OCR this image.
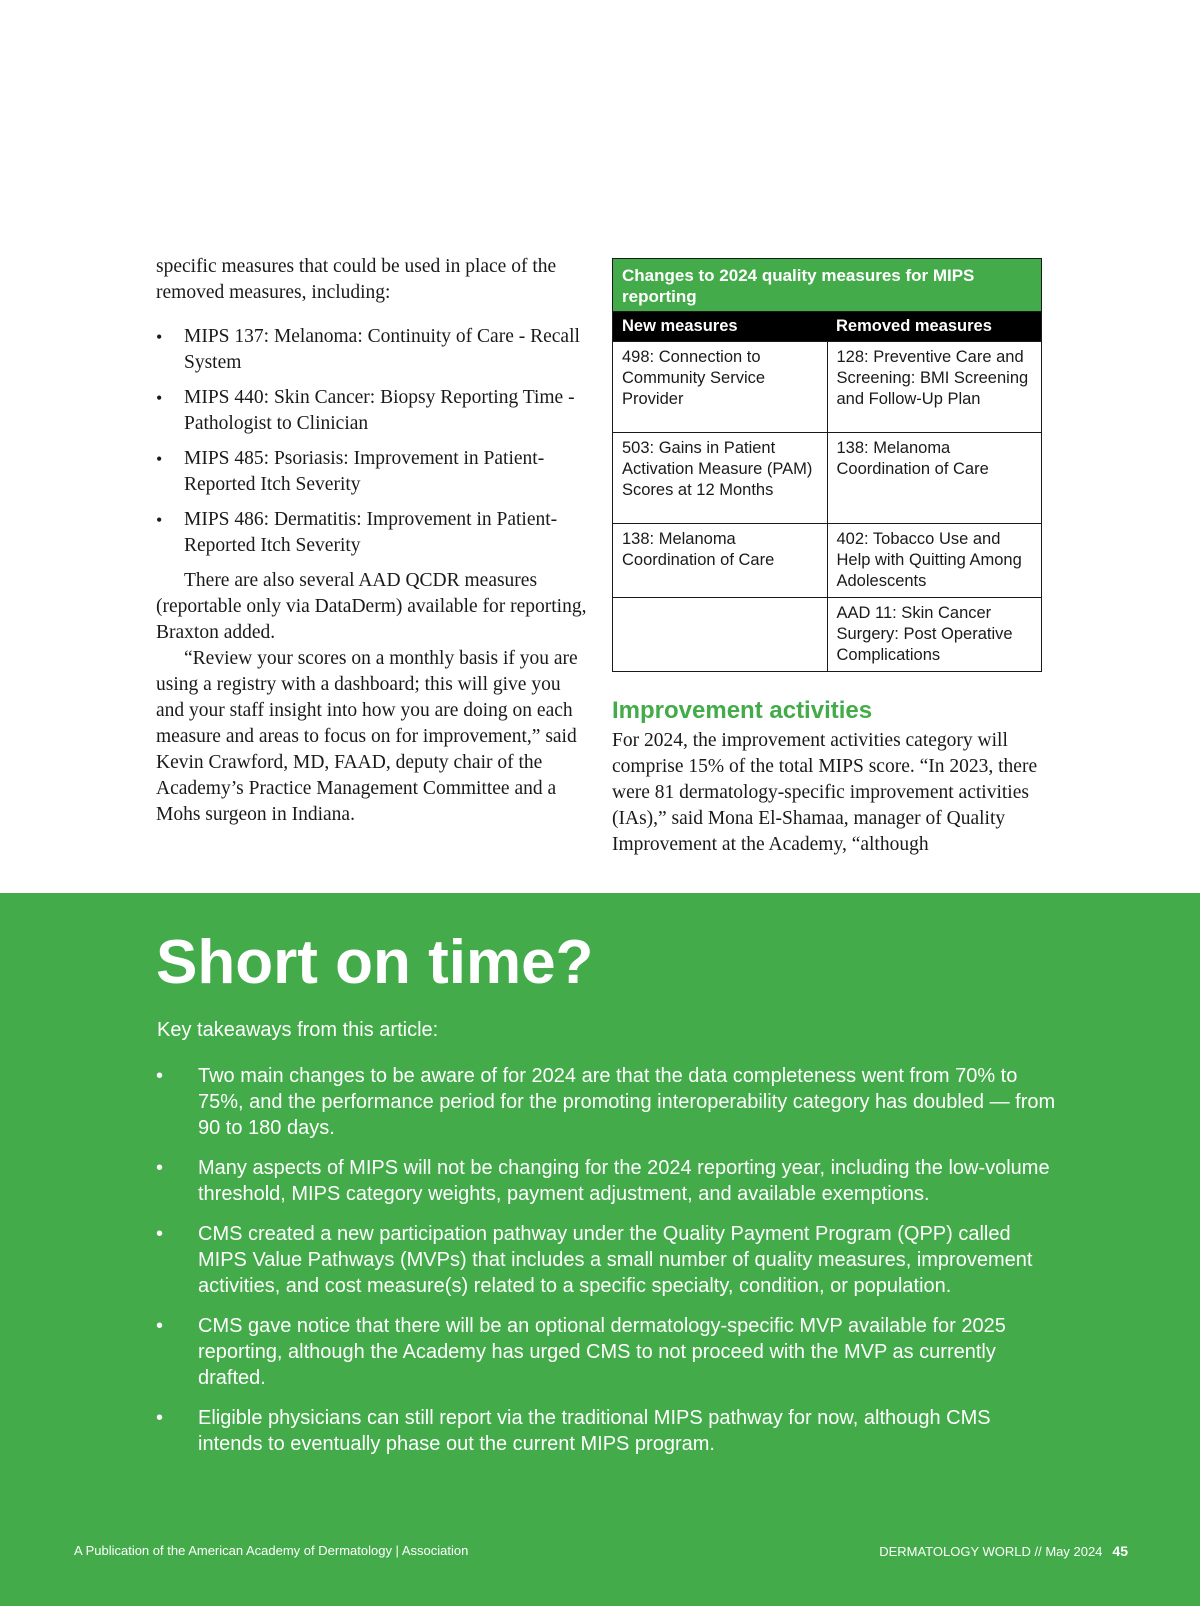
specific measures that could be used in place of the removed measures, including:

• MIPS 137: Melanoma: Continuity of Care - Recall System
• MIPS 440: Skin Cancer: Biopsy Reporting Time - Pathologist to Clinician
• MIPS 485: Psoriasis: Improvement in Patient-Reported Itch Severity
• MIPS 486: Dermatitis: Improvement in Patient-Reported Itch Severity

There are also several AAD QCDR measures (reportable only via DataDerm) available for reporting, Braxton added.

“Review your scores on a monthly basis if you are using a registry with a dashboard; this will give you and your staff insight into how you are doing on each measure and areas to focus on for improvement,” said Kevin Crawford, MD, FAAD, deputy chair of the Academy’s Practice Management Committee and a Mohs surgeon in Indiana.

Changes to 2024 quality measures for MIPS reporting	
New measures	Removed measures
498: Connection to Community Service Provider	128: Preventive Care and Screening: BMI Screening and Follow-Up Plan
503: Gains in Patient Activation Measure (PAM) Scores at 12 Months	138: Melanoma Coordination of Care
138: Melanoma Coordination of Care	402: Tobacco Use and Help with Quitting Among Adolescents
	AAD 11: Skin Cancer Surgery: Post Operative Complications
Improvement activities

For 2024, the improvement activities category will comprise 15% of the total MIPS score. “In 2023, there were 81 dermatology-specific improvement activities (IAs),” said Mona El-Shamaa, manager of Quality Improvement at the Academy, “although

Short on time?

Key takeaways from this article:

• Two main changes to be aware of for 2024 are that the data completeness went from 70% to 75%, and the performance period for the promoting interoperability category has doubled — from 90 to 180 days.
• Many aspects of MIPS will not be changing for the 2024 reporting year, including the low-volume threshold, MIPS category weights, payment adjustment, and available exemptions.
• CMS created a new participation pathway under the Quality Payment Program (QPP) called MIPS Value Pathways (MVPs) that includes a small number of quality measures, improvement activities, and cost measure(s) related to a specific specialty, condition, or population.
• CMS gave notice that there will be an optional dermatology-specific MVP available for 2025 reporting, although the Academy has urged CMS to not proceed with the MVP as currently drafted.
• Eligible physicians can still report via the traditional MIPS pathway for now, although CMS intends to eventually phase out the current MIPS program.

A Publication of the American Academy of Dermatology | Association	DERMATOLOGY WORLD // May 2024 45
